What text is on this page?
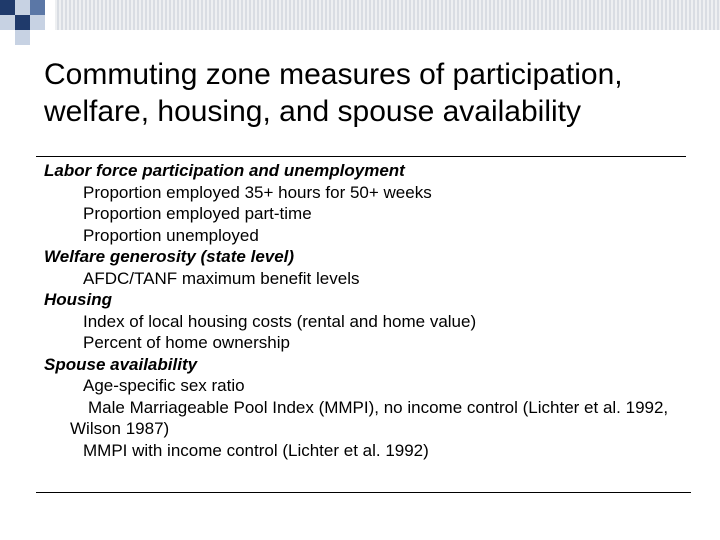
Commuting zone measures of participation,
welfare, housing, and spouse availability
Labor force participation and unemployment
Proportion employed 35+ hours for 50+ weeks
Proportion employed part-time
Proportion unemployed
Welfare generosity (state level)
AFDC/TANF maximum benefit levels
Housing
Index of local housing costs (rental and home value)
Percent of home ownership
Spouse availability
Age-specific sex ratio
Male Marriageable Pool Index (MMPI), no income control (Lichter et al. 1992, Wilson 1987)
MMPI with income control (Lichter et al. 1992)
